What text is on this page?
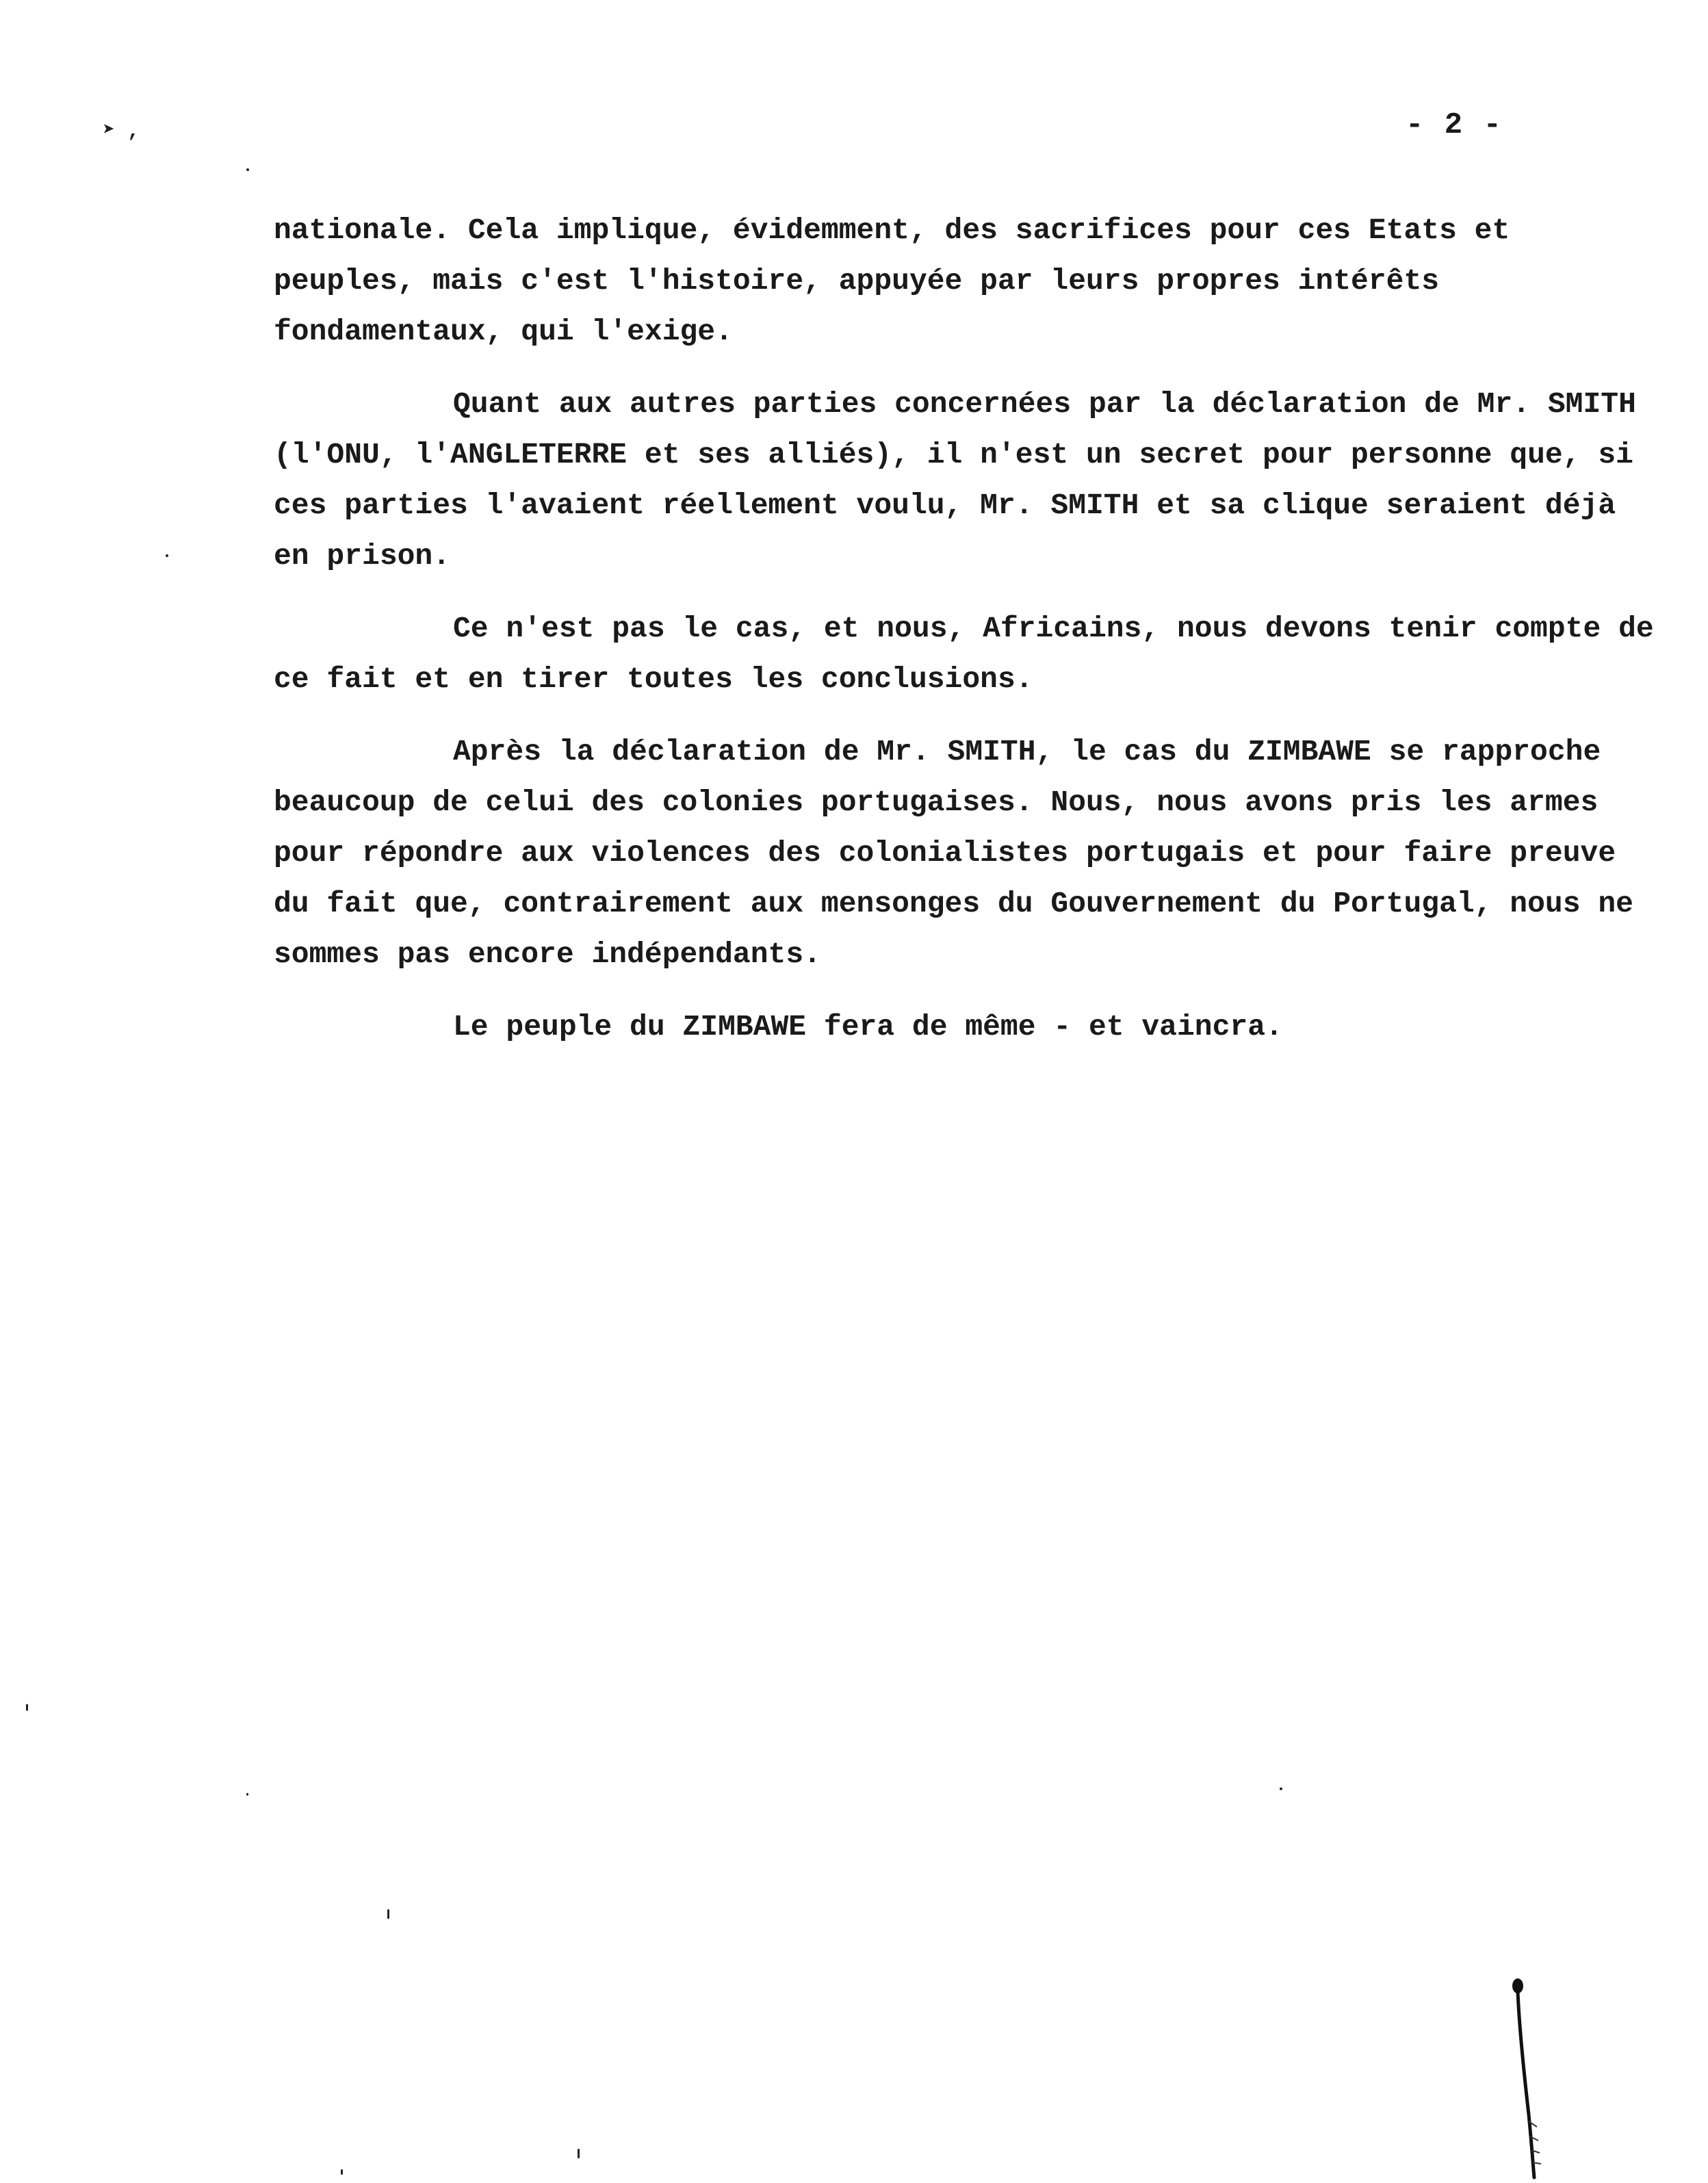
➤ ,	- 2 -

nationale. Cela implique, évidemment, des sacrifices pour ces Etats et peuples, mais c'est l'histoire, appuyée par leurs propres intérêts fondamentaux, qui l'exige.

Quant aux autres parties concernées par la déclaration de Mr. SMITH (l'ONU, l'ANGLETERRE et ses alliés), il n'est un secret pour personne que, si ces parties l'avaient réellement voulu, Mr. SMITH et sa clique seraient déjà en prison.

Ce n'est pas le cas, et nous, Africains, nous devons tenir compte de ce fait et en tirer toutes les conclusions.

Après la déclaration de Mr. SMITH, le cas du ZIMBAWE se rapproche beaucoup de celui des colonies portugaises. Nous, nous avons pris les armes pour répondre aux violences des colonialistes portugais et pour faire preuve du fait que, contrairement aux mensonges du Gouvernement du Portugal, nous ne sommes pas encore indépendants.

Le peuple du ZIMBAWE fera de même - et vaincra.
